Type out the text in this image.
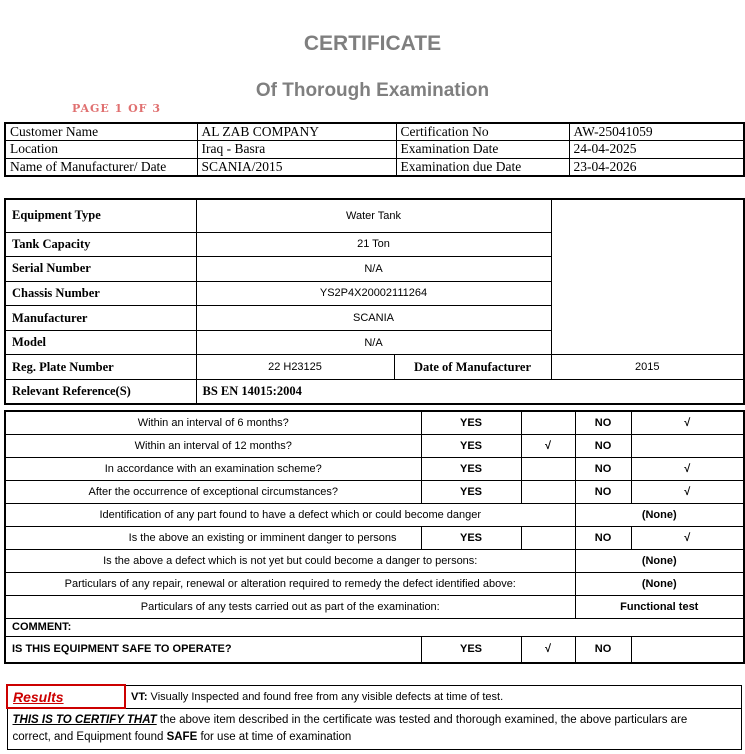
CERTIFICATE
Of Thorough Examination
PAGE 1 OF 3
Customer Name	AL ZAB COMPANY	Certification No	AW-25041059
Location	Iraq - Basra	Examination Date	24-04-2025
Name of Manufacturer/ Date	SCANIA/2015	Examination due Date	23-04-2026
Equipment Type	Water Tank		
Tank Capacity	21 Ton		
Serial Number	N/A		
Chassis Number	YS2P4X20002111264		
Manufacturer	SCANIA		
Model	N/A		
Reg. Plate Number	22 H23125	Date of Manufacturer	2015
Relevant Reference(S)	BS EN 14015:2004		
Within an interval of 6 months?	YES		NO	√
Within an interval of 12 months?	YES	√	NO	
In accordance with an examination scheme?	YES		NO	√
After the occurrence of exceptional circumstances?	YES		NO	√
Identification of any part found to have a defect which or could become danger			(None)	
Is the above an existing or imminent danger to persons	YES		NO	√
Is the above a defect which is not yet but could become a danger to persons:			(None)	
Particulars of any repair, renewal or alteration required to remedy the defect identified above:			(None)	
Particulars of any tests carried out as part of the examination:			Functional test	
COMMENT:				
IS THIS EQUIPMENT SAFE TO OPERATE?	YES	√	NO	
Results	VT: Visually Inspected and found free from any visible defects at time of test.
THIS IS TO CERTIFY THAT the above item described in the certificate was tested and thorough examined, the above particulars are
correct, and Equipment found SAFE for use at time of examination
